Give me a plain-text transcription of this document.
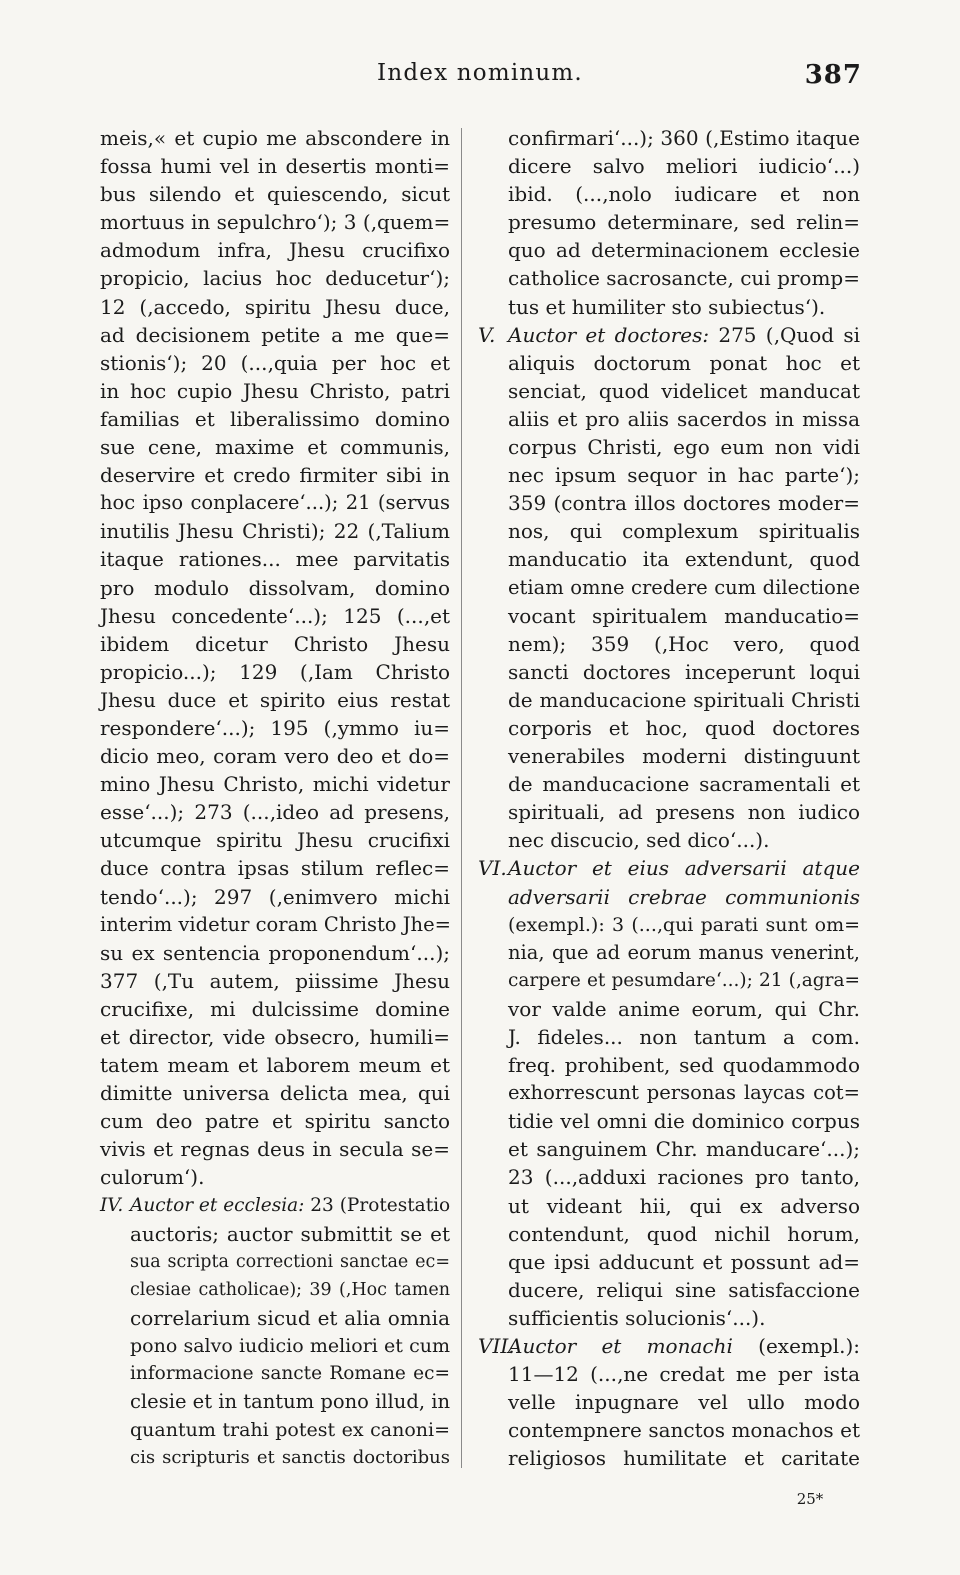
Index nominum.	387
meis,« et cupio me abscondere in
fossa humi vel in desertis monti=
bus silendo et quiescendo, sicut
mortuus in sepulchro‘); 3 (‚quem=
admodum infra, Jhesu crucifixo
propicio, lacius hoc deducetur‘);
12 (‚accedo, spiritu Jhesu duce,
ad decisionem petite a me que=
stionis‘); 20 (...‚quia per hoc et
in hoc cupio Jhesu Christo, patri
familias et liberalissimo domino
sue cene, maxime et communis,
deservire et credo firmiter sibi in
hoc ipso conplacere‘...); 21 (servus
inutilis Jhesu Christi); 22 (‚Talium
itaque rationes... mee parvitatis
pro modulo dissolvam, domino
Jhesu concedente‘...); 125 (...‚et
ibidem dicetur Christo Jhesu
propicio...); 129 (‚Iam Christo
Jhesu duce et spirito eius restat
respondere‘...); 195 (‚ymmo iu=
dicio meo, coram vero deo et do=
mino Jhesu Christo, michi videtur
esse‘...); 273 (...‚ideo ad presens,
utcumque spiritu Jhesu crucifixi
duce contra ipsas stilum reflec=
tendo‘...); 297 (‚enimvero michi
interim videtur coram Christo Jhe=
su ex sentencia proponendum‘...);
377 (‚Tu autem, piissime Jhesu
crucifixe, mi dulcissime domine
et director, vide obsecro, humili=
tatem meam et laborem meum et
dimitte universa delicta mea, qui
cum deo patre et spiritu sancto
vivis et regnas deus in secula se=
culorum‘).
IV. Auctor et ecclesia: 23 (Protestatio
auctoris; auctor submittit se et
sua scripta correctioni sanctae ec=
clesiae catholicae); 39 (‚Hoc tamen
correlarium sicud et alia omnia
pono salvo iudicio meliori et cum
informacione sancte Romane ec=
clesie et in tantum pono illud, in
quantum trahi potest ex canoni=
cis scripturis et sanctis doctoribus
confirmari‘...); 360 (‚Estimo itaque
dicere salvo meliori iudicio‘...)
ibid. (...‚nolo iudicare et non
presumo determinare, sed relin=
quo ad determinacionem ecclesie
catholice sacrosancte, cui promp=
tus et humiliter sto subiectus‘).
V. Auctor et doctores: 275 (‚Quod si
aliquis doctorum ponat hoc et
senciat, quod videlicet manducat
aliis et pro aliis sacerdos in missa
corpus Christi, ego eum non vidi
nec ipsum sequor in hac parte‘);
359 (contra illos doctores moder=
nos, qui complexum spiritualis
manducatio ita extendunt, quod
etiam omne credere cum dilectione
vocant spiritualem manducatio=
nem); 359 (‚Hoc vero, quod
sancti doctores inceperunt loqui
de manducacione spirituali Christi
corporis et hoc, quod doctores
venerabiles moderni distinguunt
de manducacione sacramentali et
spirituali, ad presens non iudico
nec discucio, sed dico‘...).
VI.Auctor et eius adversarii atque
adversarii crebrae communionis
(exempl.): 3 (...‚qui parati sunt om=
nia, que ad eorum manus venerint,
carpere et pesumdare‘...); 21 (‚agra=
vor valde anime eorum, qui Chr.
J. fideles... non tantum a com.
freq. prohibent, sed quodammodo
exhorrescunt personas laycas cot=
tidie vel omni die dominico corpus
et sanguinem Chr. manducare‘...);
23 (...‚adduxi raciones pro tanto,
ut videant hii, qui ex adverso
contendunt, quod nichil horum,
que ipsi adducunt et possunt ad=
ducere, reliqui sine satisfaccione
sufficientis solucionis‘...).
VII.Auctor et monachi (exempl.):
11—12 (...‚ne credat me per ista
velle inpugnare vel ullo modo
contempnere sanctos monachos et
religiosos humilitate et caritate
25*
